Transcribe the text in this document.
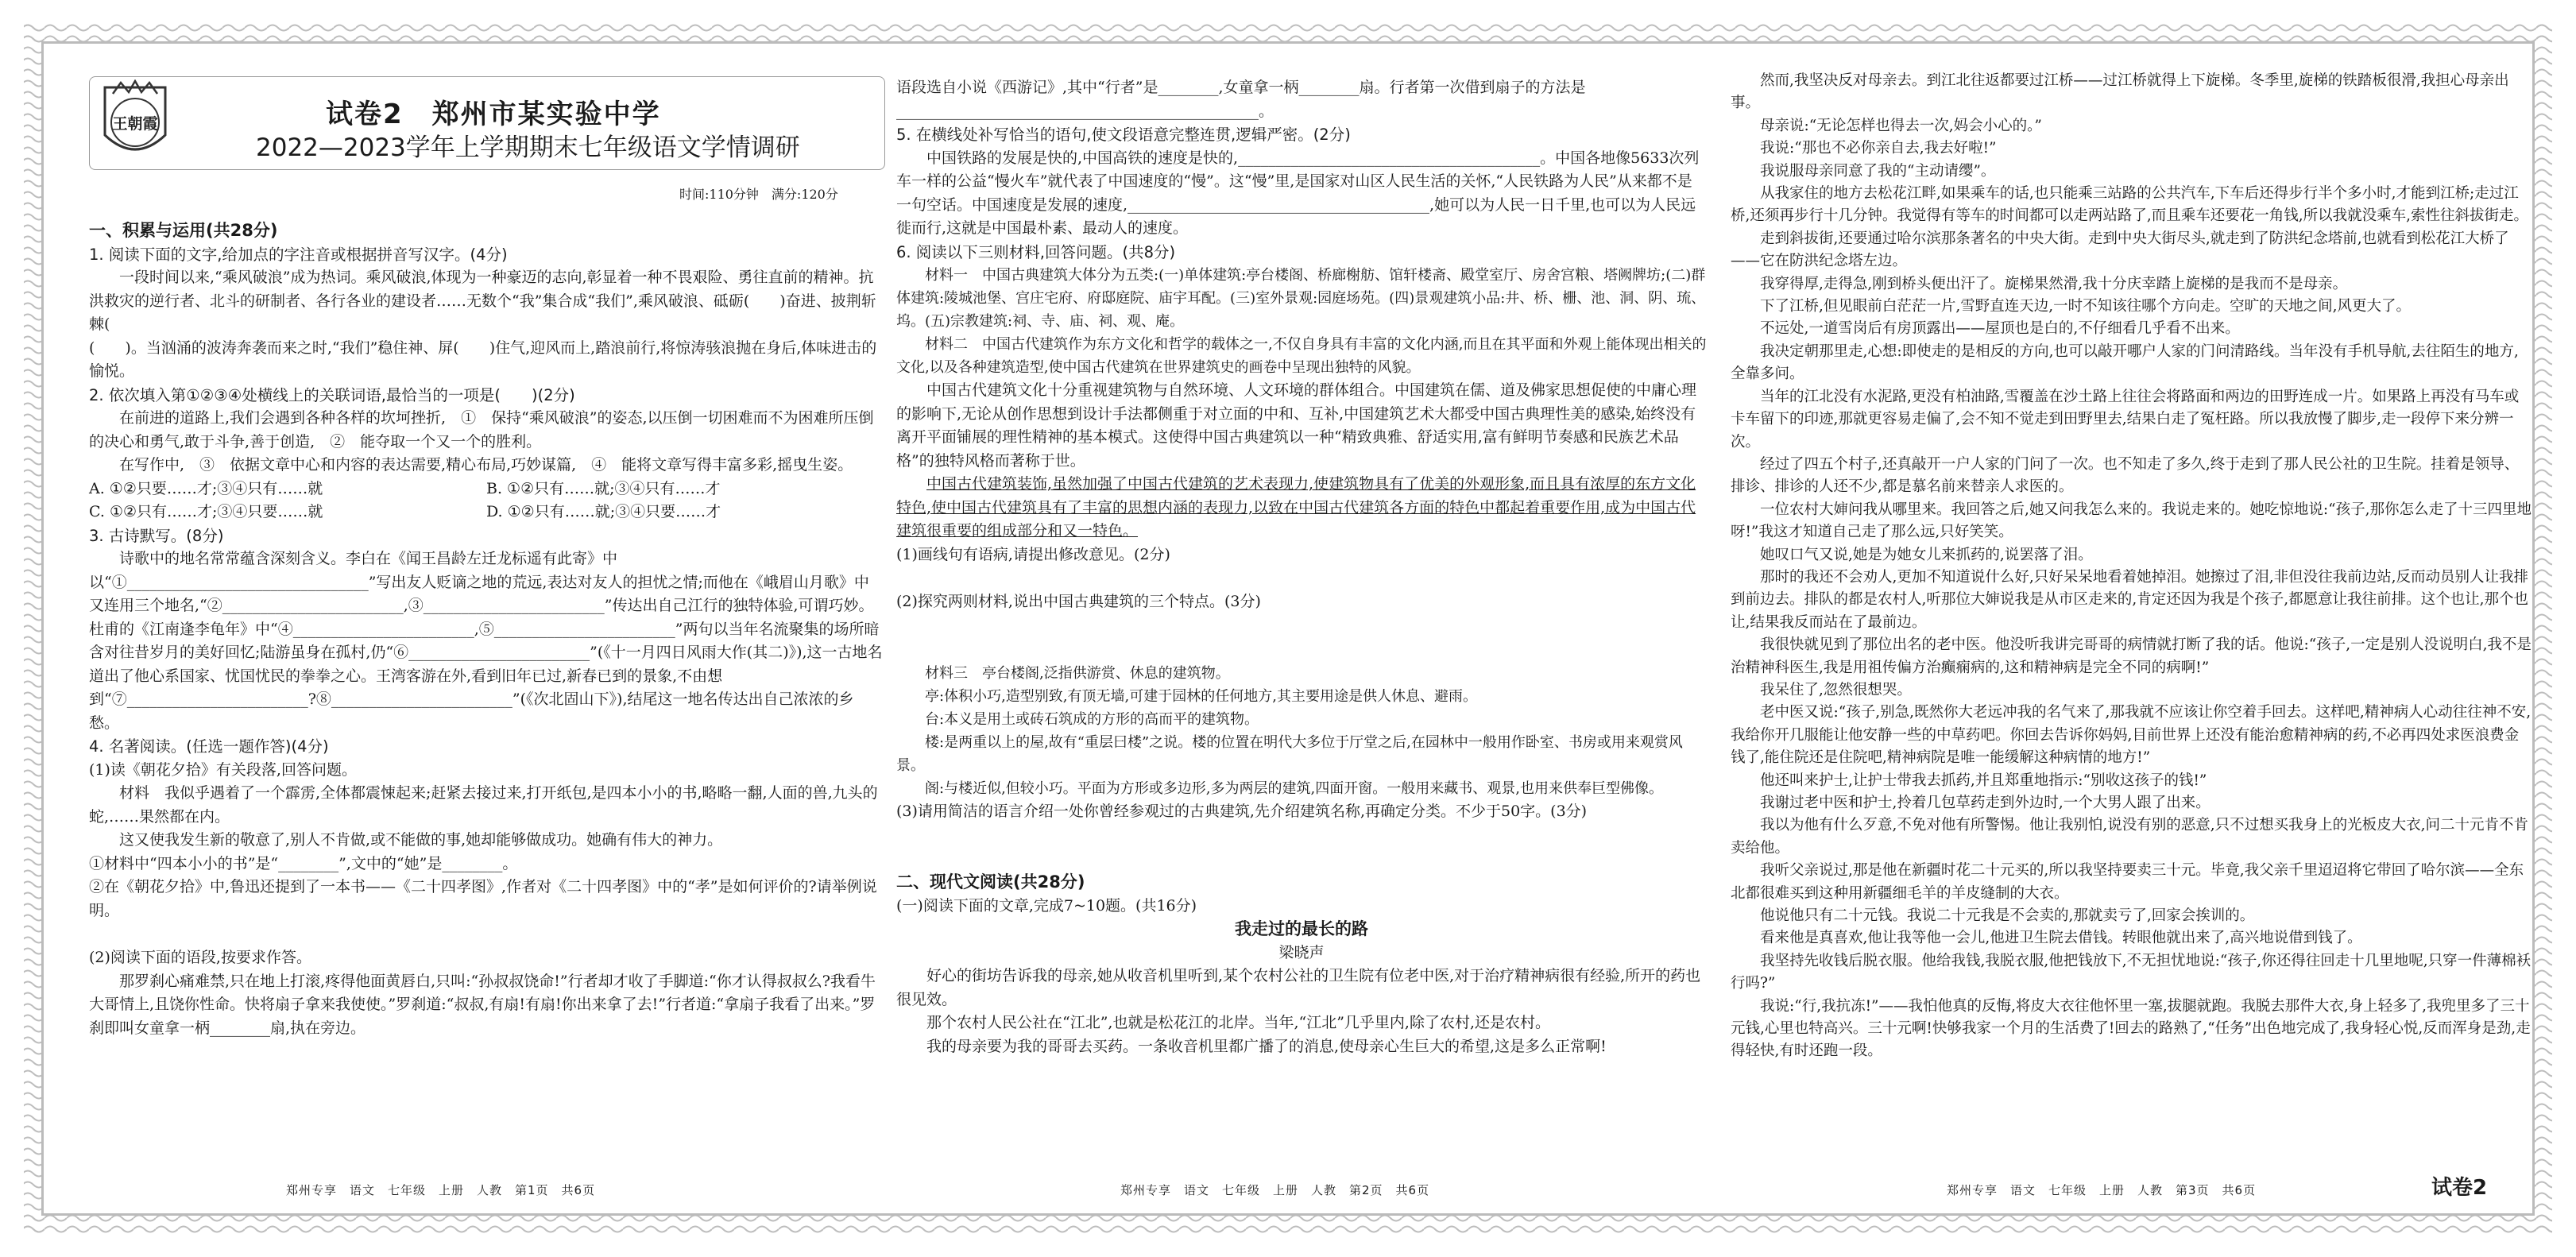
王朝霞	试卷2　郑州市某实验中学
2022—2023学年上学期期末七年级语文学情调研
时间:110分钟　满分:120分

一、积累与运用(共28分)

1. 阅读下面的文字,给加点的字注音或根据拼音写汉字。(4分)

一段时间以来,“乘风破浪”成为热词。乘风破浪,体现为一种豪迈的志向,彰显着一种不畏艰险、勇往直前的精神。抗洪救灾的逆行者、北斗的研制者、各行各业的建设者……无数个“我”集合成“我们”,乘风破浪、砥砺(　　)奋进、披荆斩棘(

(　　)。当汹涌的波涛奔袭而来之时,“我们”稳住神、屏(　　)住气,迎风而上,踏浪前行,将惊涛骇浪抛在身后,体味进击的愉悦。

2. 依次填入第①②③④处横线上的关联词语,最恰当的一项是(　　)(2分)

在前进的道路上,我们会遇到各种各样的坎坷挫折,　①　保持“乘风破浪”的姿态,以压倒一切困难而不为困难所压倒的决心和勇气,敢于斗争,善于创造,　②　能夺取一个又一个的胜利。

在写作中,　③　依据文章中心和内容的表达需要,精心布局,巧妙谋篇,　④　能将文章写得丰富多彩,摇曳生姿。

A. ①②只要……才;③④只有……就	B. ①②只有……就;③④只有……才
C. ①②只有……才;③④只要……就	D. ①②只有……就;③④只要……才

3. 古诗默写。(8分)

诗歌中的地名常常蕴含深刻含义。李白在《闻王昌龄左迁龙标遥有此寄》中以“①________________________________”写出友人贬谪之地的荒远,表达对友人的担忧之情;而他在《峨眉山月歌》中又连用三个地名,“②________________________,③________________________”传达出自己江行的独特体验,可谓巧妙。杜甫的《江南逢李龟年》中“④________________________,⑤________________________”两句以当年名流聚集的场所暗含对往昔岁月的美好回忆;陆游虽身在孤村,仍“⑥________________________”(《十一月四日风雨大作(其二)》),这一古地名道出了他心系国家、忧国忧民的拳拳之心。王湾客游在外,看到旧年已过,新春已到的景象,不由想到“⑦________________________?⑧________________________”(《次北固山下》),结尾这一地名传达出自己浓浓的乡愁。

4. 名著阅读。(任选一题作答)(4分)

(1)读《朝花夕拾》有关段落,回答问题。

材料　我似乎遇着了一个霹雳,全体都震悚起来;赶紧去接过来,打开纸包,是四本小小的书,略略一翻,人面的兽,九头的蛇,……果然都在内。

这又使我发生新的敬意了,别人不肯做,或不能做的事,她却能够做成功。她确有伟大的神力。

①材料中“四本小小的书”是“________”,文中的“她”是________。

②在《朝花夕拾》中,鲁迅还提到了一本书——《二十四孝图》,作者对《二十四孝图》中的“孝”是如何评价的?请举例说明。

(2)阅读下面的语段,按要求作答。

那罗刹心痛难禁,只在地上打滚,疼得他面黄唇白,只叫:“孙叔叔饶命!”行者却才收了手脚道:“你才认得叔叔么?我看牛大哥情上,且饶你性命。快将扇子拿来我使使。”罗刹道:“叔叔,有扇!有扇!你出来拿了去!”行者道:“拿扇子我看了出来。”罗刹即叫女童拿一柄________扇,执在旁边。

语段选自小说《西游记》,其中“行者”是________,女童拿一柄________扇。行者第一次借到扇子的方法是________________________________________________。

5. 在横线处补写恰当的语句,使文段语意完整连贯,逻辑严密。(2分)

中国铁路的发展是快的,中国高铁的速度是快的,________________________________________。中国各地像5633次列车一样的公益“慢火车”就代表了中国速度的“慢”。这“慢”里,是国家对山区人民生活的关怀,“人民铁路为人民”从来都不是一句空话。中国速度是发展的速度,________________________________________,她可以为人民一日千里,也可以为人民远徙而行,这就是中国最朴素、最动人的速度。

6. 阅读以下三则材料,回答问题。(共8分)

材料一　中国古典建筑大体分为五类:(一)单体建筑:亭台楼阁、桥廊榭舫、馆轩楼斋、殿堂室厅、房舍宫粮、塔阙牌坊;(二)群体建筑:陵城池堡、宫庄宅府、府邸庭院、庙宇耳配。(三)室外景观:园庭场苑。(四)景观建筑小品:井、桥、栅、池、洞、阴、琉、坞。(五)宗教建筑:祠、寺、庙、祠、观、庵。

材料二　中国古代建筑作为东方文化和哲学的载体之一,不仅自身具有丰富的文化内涵,而且在其平面和外观上能体现出相关的文化,以及各种建筑造型,使中国古代建筑在世界建筑史的画卷中呈现出独特的风貌。

中国古代建筑文化十分重视建筑物与自然环境、人文环境的群体组合。中国建筑在儒、道及佛家思想促使的中庸心理的影响下,无论从创作思想到设计手法都侧重于对立面的中和、互补,中国建筑艺术大都受中国古典理性美的感染,始终没有离开平面铺展的理性精神的基本模式。这使得中国古典建筑以一种“精致典雅、舒适实用,富有鲜明节奏感和民族艺术品格”的独特风格而著称于世。

中国古代建筑装饰,虽然加强了中国古代建筑的艺术表现力,使建筑物具有了优美的外观形象,而且具有浓厚的东方文化特色,使中国古代建筑具有了丰富的思想内涵的表现力,以致在中国古代建筑各方面的特色中都起着重要作用,成为中国古代建筑很重要的组成部分和又一特色。

(1)画线句有语病,请提出修改意见。(2分)

(2)探究两则材料,说出中国古典建筑的三个特点。(3分)

材料三　亭台楼阁,泛指供游赏、休息的建筑物。

亭:体积小巧,造型别致,有顶无墙,可建于园林的任何地方,其主要用途是供人休息、避雨。

台:本义是用土或砖石筑成的方形的高而平的建筑物。

楼:是两重以上的屋,故有“重层曰楼”之说。楼的位置在明代大多位于厅堂之后,在园林中一般用作卧室、书房或用来观赏风景。

阁:与楼近似,但较小巧。平面为方形或多边形,多为两层的建筑,四面开窗。一般用来藏书、观景,也用来供奉巨型佛像。

(3)请用简洁的语言介绍一处你曾经参观过的古典建筑,先介绍建筑名称,再确定分类。不少于50字。(3分)

二、现代文阅读(共28分)

(一)阅读下面的文章,完成7~10题。(共16分)

我走过的最长的路

梁晓声

好心的街坊告诉我的母亲,她从收音机里听到,某个农村公社的卫生院有位老中医,对于治疗精神病很有经验,所开的药也很见效。

那个农村人民公社在“江北”,也就是松花江的北岸。当年,“江北”几乎里内,除了农村,还是农村。

我的母亲要为我的哥哥去买药。一条收音机里都广播了的消息,使母亲心生巨大的希望,这是多么正常啊!

然而,我坚决反对母亲去。到江北往返都要过江桥——过江桥就得上下旋梯。冬季里,旋梯的铁踏板很滑,我担心母亲出事。

母亲说:“无论怎样也得去一次,妈会小心的。”

我说:“那也不必你亲自去,我去好啦!”

我说服母亲同意了我的“主动请缨”。

从我家住的地方去松花江畔,如果乘车的话,也只能乘三站路的公共汽车,下车后还得步行半个多小时,才能到江桥;走过江桥,还须再步行十几分钟。我觉得有等车的时间都可以走两站路了,而且乘车还要花一角钱,所以我就没乘车,索性往斜拔街走。

走到斜拔街,还要通过哈尔滨那条著名的中央大街。走到中央大街尽头,就走到了防洪纪念塔前,也就看到松花江大桥了——它在防洪纪念塔左边。

我穿得厚,走得急,刚到桥头便出汗了。旋梯果然滑,我十分庆幸踏上旋梯的是我而不是母亲。

下了江桥,但见眼前白茫茫一片,雪野直连天边,一时不知该往哪个方向走。空旷的天地之间,风更大了。

不远处,一道雪岗后有房顶露出——屋顶也是白的,不仔细看几乎看不出来。

我决定朝那里走,心想:即使走的是相反的方向,也可以敲开哪户人家的门问清路线。当年没有手机导航,去往陌生的地方,全靠多问。

当年的江北没有水泥路,更没有柏油路,雪覆盖在沙土路上往往会将路面和两边的田野连成一片。如果路上再没有马车或卡车留下的印迹,那就更容易走偏了,会不知不觉走到田野里去,结果白走了冤枉路。所以我放慢了脚步,走一段停下来分辨一次。

经过了四五个村子,还真敲开一户人家的门问了一次。也不知走了多久,终于走到了那人民公社的卫生院。挂着是领导、排诊、排诊的人还不少,都是慕名前来替亲人求医的。

一位农村大婶问我从哪里来。我回答之后,她又问我怎么来的。我说走来的。她吃惊地说:“孩子,那你怎么走了十三四里地呀!”我这才知道自己走了那么远,只好笑笑。

她叹口气又说,她是为她女儿来抓药的,说罢落了泪。

那时的我还不会劝人,更加不知道说什么好,只好呆呆地看着她掉泪。她擦过了泪,非但没往我前边站,反而动员别人让我排到前边去。排队的都是农村人,听那位大婶说我是从市区走来的,肯定还因为我是个孩子,都愿意让我往前排。这个也让,那个也让,结果我反而站在了最前边。

我很快就见到了那位出名的老中医。他没听我讲完哥哥的病情就打断了我的话。他说:“孩子,一定是别人没说明白,我不是治精神科医生,我是用祖传偏方治癫痫病的,这和精神病是完全不同的病啊!”

我呆住了,忽然很想哭。

老中医又说:“孩子,别急,既然你大老远冲我的名气来了,那我就不应该让你空着手回去。这样吧,精神病人心动往往神不安,我给你开几服能让他安静一些的中草药吧。你回去告诉你妈妈,目前世界上还没有能治愈精神病的药,不必再四处求医浪费金钱了,能住院还是住院吧,精神病院是唯一能缓解这种病情的地方!”

他还叫来护士,让护士带我去抓药,并且郑重地指示:“别收这孩子的钱!”

我谢过老中医和护士,拎着几包草药走到外边时,一个大男人跟了出来。

我以为他有什么歹意,不免对他有所警惕。他让我别怕,说没有别的恶意,只不过想买我身上的光板皮大衣,问二十元肯不肯卖给他。

我听父亲说过,那是他在新疆时花二十元买的,所以我坚持要卖三十元。毕竟,我父亲千里迢迢将它带回了哈尔滨——全东北都很难买到这种用新疆细毛羊的羊皮缝制的大衣。

他说他只有二十元钱。我说二十元我是不会卖的,那就卖亏了,回家会挨训的。

看来他是真喜欢,他让我等他一会儿,他进卫生院去借钱。转眼他就出来了,高兴地说借到钱了。

我坚持先收钱后脱衣服。他给我钱,我脱衣服,他把钱放下,不无担忧地说:“孩子,你还得往回走十几里地呢,只穿一件薄棉袄行吗?”

我说:“行,我抗冻!”——我怕他真的反悔,将皮大衣往他怀里一塞,拔腿就跑。我脱去那件大衣,身上轻多了,我兜里多了三十元钱,心里也特高兴。三十元啊!快够我家一个月的生活费了!回去的路熟了,“任务”出色地完成了,我身轻心悦,反而浑身是劲,走得轻快,有时还跑一段。

郑州专享　语文　七年级　上册　人教　第1页　共6页	郑州专享　语文　七年级　上册　人教　第2页　共6页	郑州专享　语文　七年级　上册　人教　第3页　共6页	试卷2
